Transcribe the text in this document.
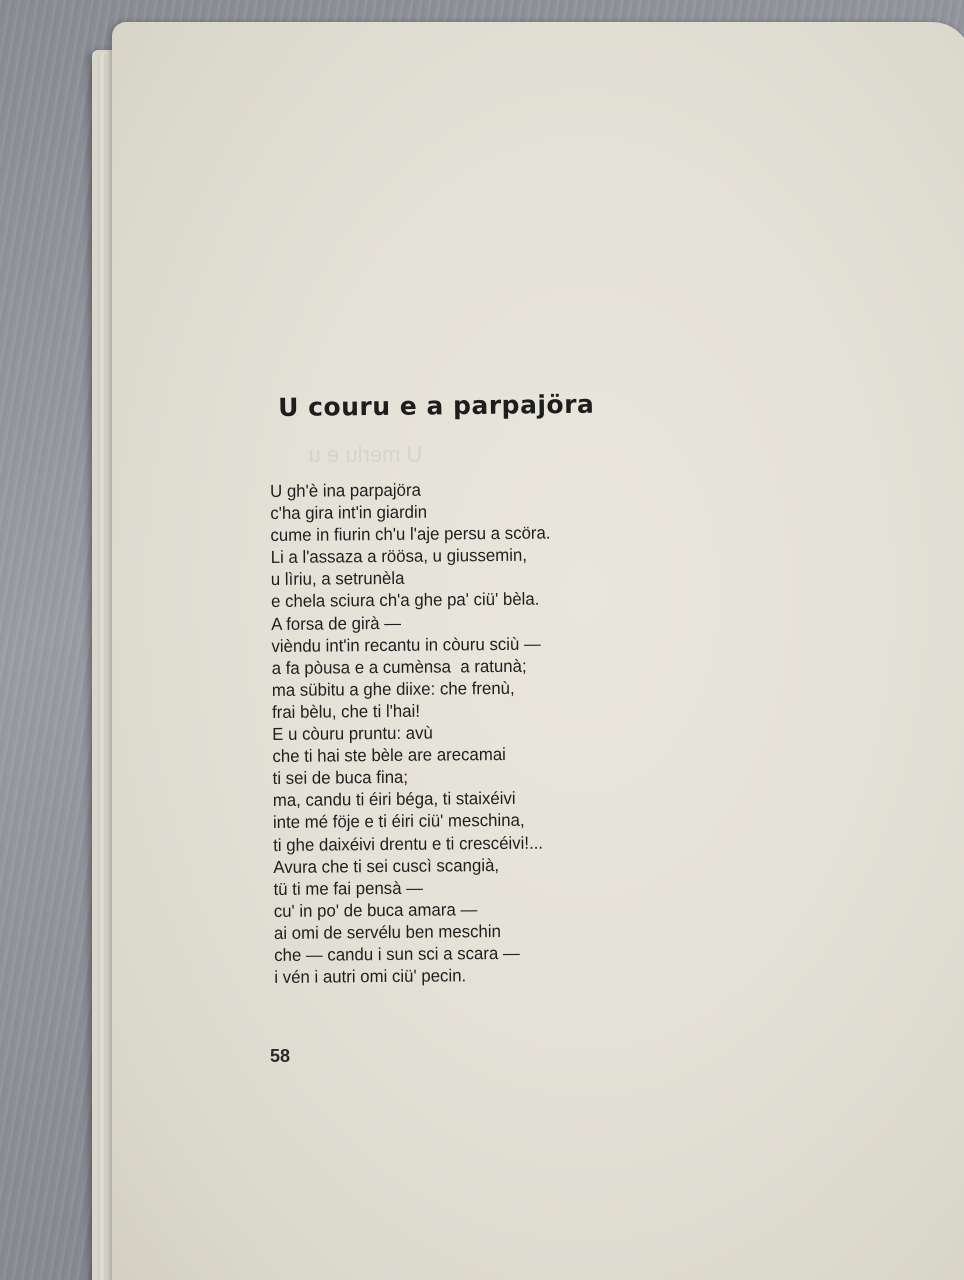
U merlu e u

U couru e a parpajöra
U gh'è ina parpajöra
c'ha gira int'in giardin
cume in fiurin ch'u l'aje persu a scöra.
Li a l'assaza a röösa, u giussemin,
u lìriu, a setrunèla
e chela sciura ch'a ghe pa' ciü' bèla.
A forsa de girà —
vièndu int'in recantu in còuru sciù —
a fa pòusa e a cumènsa  a ratunà;
ma sübitu a ghe diixe: che frenù,
frai bèlu, che ti l'hai!
E u còuru pruntu: avù
che ti hai ste bèle are arecamai
ti sei de buca fina;
ma, candu ti éiri béga, ti staixéivi
inte mé föje e ti éiri ciü' meschina,
ti ghe daixéivi drentu e ti crescéivi!...
Avura che ti sei cuscì scangià,
tü ti me fai pensà —
cu' in po' de buca amara —
ai omi de servélu ben meschin
che — candu i sun sci a scara —
i vén i autri omi ciü' pecin.
58
